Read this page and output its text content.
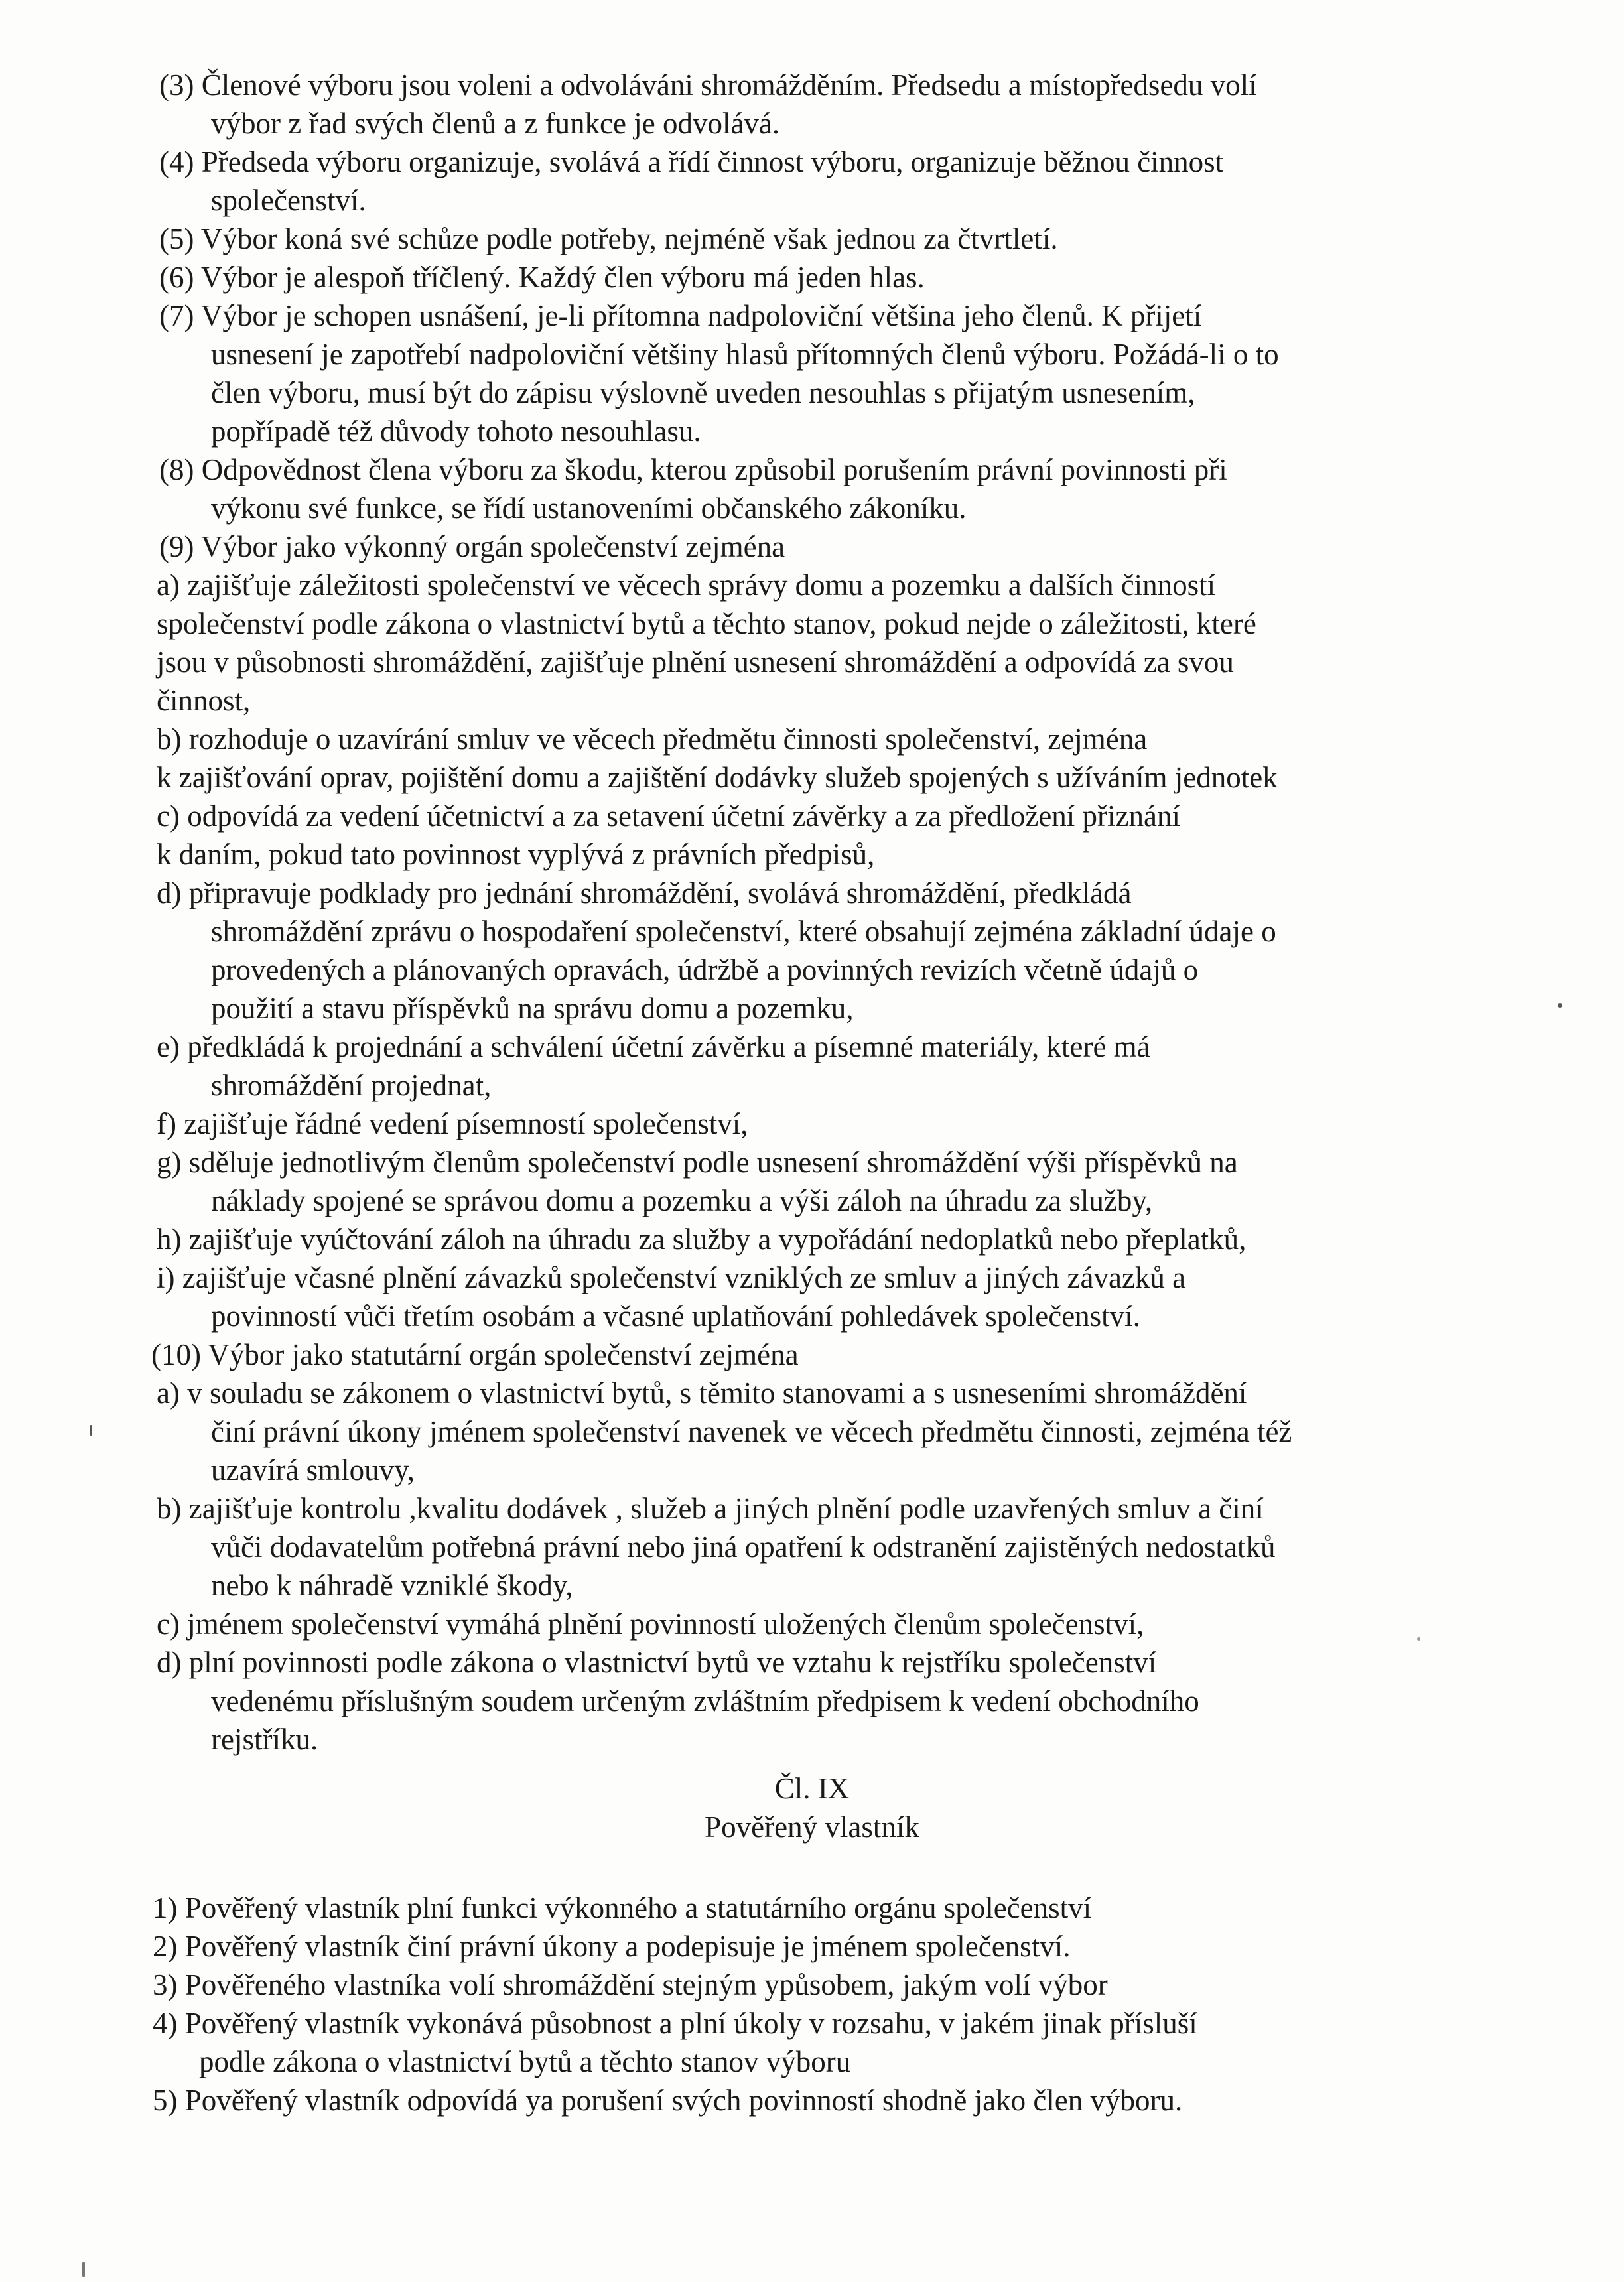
(3) Členové výboru jsou voleni a odvoláváni shromážděním. Předsedu a místopředsedu volí
výbor z řad svých členů a z funkce je odvolává.
(4) Předseda výboru organizuje, svolává a řídí činnost výboru, organizuje běžnou činnost
společenství.
(5) Výbor koná své schůze podle potřeby, nejméně však jednou za čtvrtletí.
(6) Výbor je alespoň tříčlený. Každý člen výboru má jeden hlas.
(7) Výbor je schopen usnášení, je-li přítomna nadpoloviční většina jeho členů. K přijetí
usnesení je zapotřebí nadpoloviční většiny hlasů přítomných členů výboru. Požádá-li o to
člen výboru, musí být do zápisu výslovně uveden nesouhlas s přijatým usnesením,
popřípadě též důvody tohoto nesouhlasu.
(8) Odpovědnost člena výboru za škodu, kterou způsobil porušením právní povinnosti při
výkonu své funkce, se řídí ustanoveními občanského zákoníku.
(9) Výbor jako výkonný orgán společenství zejména
a) zajišťuje záležitosti společenství ve věcech správy domu a pozemku a dalších činností
společenství podle zákona o vlastnictví bytů a těchto stanov, pokud nejde o záležitosti, které
jsou v působnosti shromáždění, zajišťuje plnění usnesení shromáždění a odpovídá za svou
činnost,
b) rozhoduje o uzavírání smluv ve věcech předmětu činnosti společenství, zejména
k zajišťování oprav, pojištění domu a zajištění dodávky služeb spojených s užíváním jednotek
c) odpovídá za vedení účetnictví a za setavení účetní závěrky a za předložení přiznání
k daním, pokud tato povinnost vyplývá z právních předpisů,
d) připravuje podklady pro jednání shromáždění, svolává shromáždění, předkládá
shromáždění zprávu o hospodaření společenství, které obsahují zejména základní údaje o
provedených a plánovaných opravách, údržbě a povinných revizích včetně údajů o
použití a stavu příspěvků na správu domu a pozemku,
e) předkládá k projednání a schválení účetní závěrku a písemné materiály, které má
shromáždění projednat,
f) zajišťuje řádné vedení písemností společenství,
g) sděluje jednotlivým členům společenství podle usnesení shromáždění výši příspěvků na
náklady spojené se správou domu a pozemku a výši záloh na úhradu za služby,
h) zajišťuje vyúčtování záloh na úhradu za služby a vypořádání nedoplatků nebo přeplatků,
i) zajišťuje včasné plnění závazků společenství vzniklých ze smluv a jiných závazků a
povinností vůči třetím osobám a včasné uplatňování pohledávek společenství.
(10) Výbor jako statutární orgán společenství zejména
a) v souladu se zákonem o vlastnictví bytů, s těmito stanovami a s usneseními shromáždění
činí právní úkony jménem společenství navenek ve věcech předmětu činnosti, zejména též
uzavírá smlouvy,
b) zajišťuje kontrolu ,kvalitu dodávek , služeb a jiných plnění podle uzavřených smluv a činí
vůči dodavatelům potřebná právní nebo jiná opatření k odstranění zajistěných nedostatků
nebo k náhradě vzniklé škody,
c) jménem společenství vymáhá plnění povinností uložených členům společenství,
d) plní povinnosti podle zákona o vlastnictví bytů ve vztahu k rejstříku společenství
vedenému příslušným soudem určeným zvláštním předpisem k vedení obchodního
rejstříku.
Čl. IX
Pověřený vlastník
1) Pověřený vlastník plní funkci výkonného a statutárního orgánu společenství
2) Pověřený vlastník činí právní úkony a podepisuje je jménem společenství.
3) Pověřeného vlastníka volí shromáždění stejným ypůsobem, jakým volí výbor
4) Pověřený vlastník vykonává působnost a plní úkoly v rozsahu, v jakém jinak přísluší
podle zákona o vlastnictví bytů a těchto stanov výboru
5) Pověřený vlastník odpovídá ya porušení svých povinností shodně jako člen výboru.
